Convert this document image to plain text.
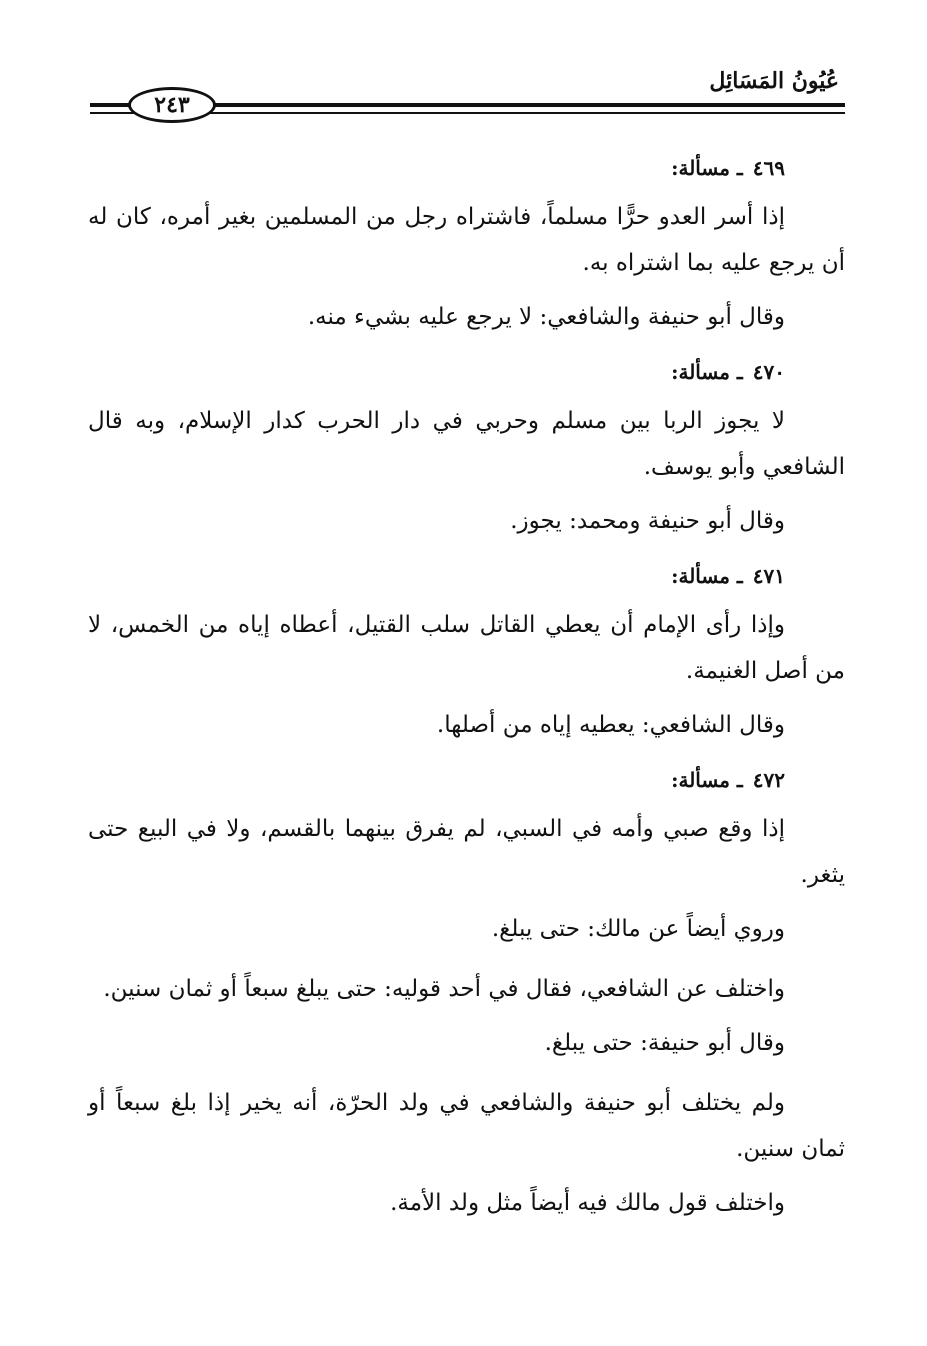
عُيُونُ المَسَائِل
٢٤٣
٤٦٩ـ مسألة:

إذا أسر العدو حرًّا مسلماً، فاشتراه رجل من المسلمين بغير أمره، كان له أن يرجع عليه بما اشتراه به.

وقال أبو حنيفة والشافعي: لا يرجع عليه بشيء منه.

٤٧٠ـ مسألة:

لا يجوز الربا بين مسلم وحربي في دار الحرب كدار الإسلام، وبه قال الشافعي وأبو يوسف.

وقال أبو حنيفة ومحمد: يجوز.

٤٧١ـ مسألة:

وإذا رأى الإمام أن يعطي القاتل سلب القتيل، أعطاه إياه من الخمس، لا من أصل الغنيمة.

وقال الشافعي: يعطيه إياه من أصلها.

٤٧٢ـ مسألة:

إذا وقع صبي وأمه في السبي، لم يفرق بينهما بالقسم، ولا في البيع حتى يثغر.

وروي أيضاً عن مالك: حتى يبلغ.

واختلف عن الشافعي، فقال في أحد قوليه: حتى يبلغ سبعاً أو ثمان سنين.

وقال أبو حنيفة: حتى يبلغ.

ولم يختلف أبو حنيفة والشافعي في ولد الحرّة، أنه يخير إذا بلغ سبعاً أو ثمان سنين.

واختلف قول مالك فيه أيضاً مثل ولد الأمة.
